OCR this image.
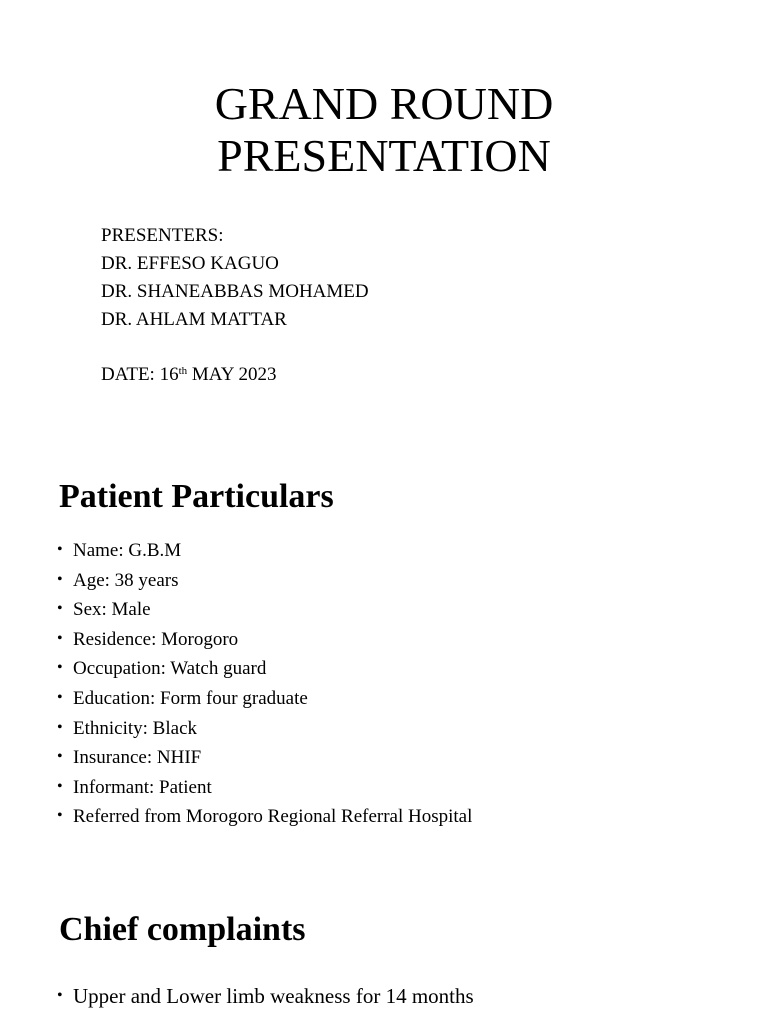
GRAND ROUND
PRESENTATION
PRESENTERS:
DR. EFFESO KAGUO
DR. SHANEABBAS MOHAMED
DR. AHLAM MATTAR
DATE: 16th MAY 2023
Patient Particulars
• Name: G.B.M
• Age: 38 years
• Sex: Male
• Residence: Morogoro
• Occupation: Watch guard
• Education: Form four graduate
• Ethnicity: Black
• Insurance: NHIF
• Informant: Patient
• Referred from Morogoro Regional Referral Hospital
Chief complaints
• Upper and Lower limb weakness for 14 months
